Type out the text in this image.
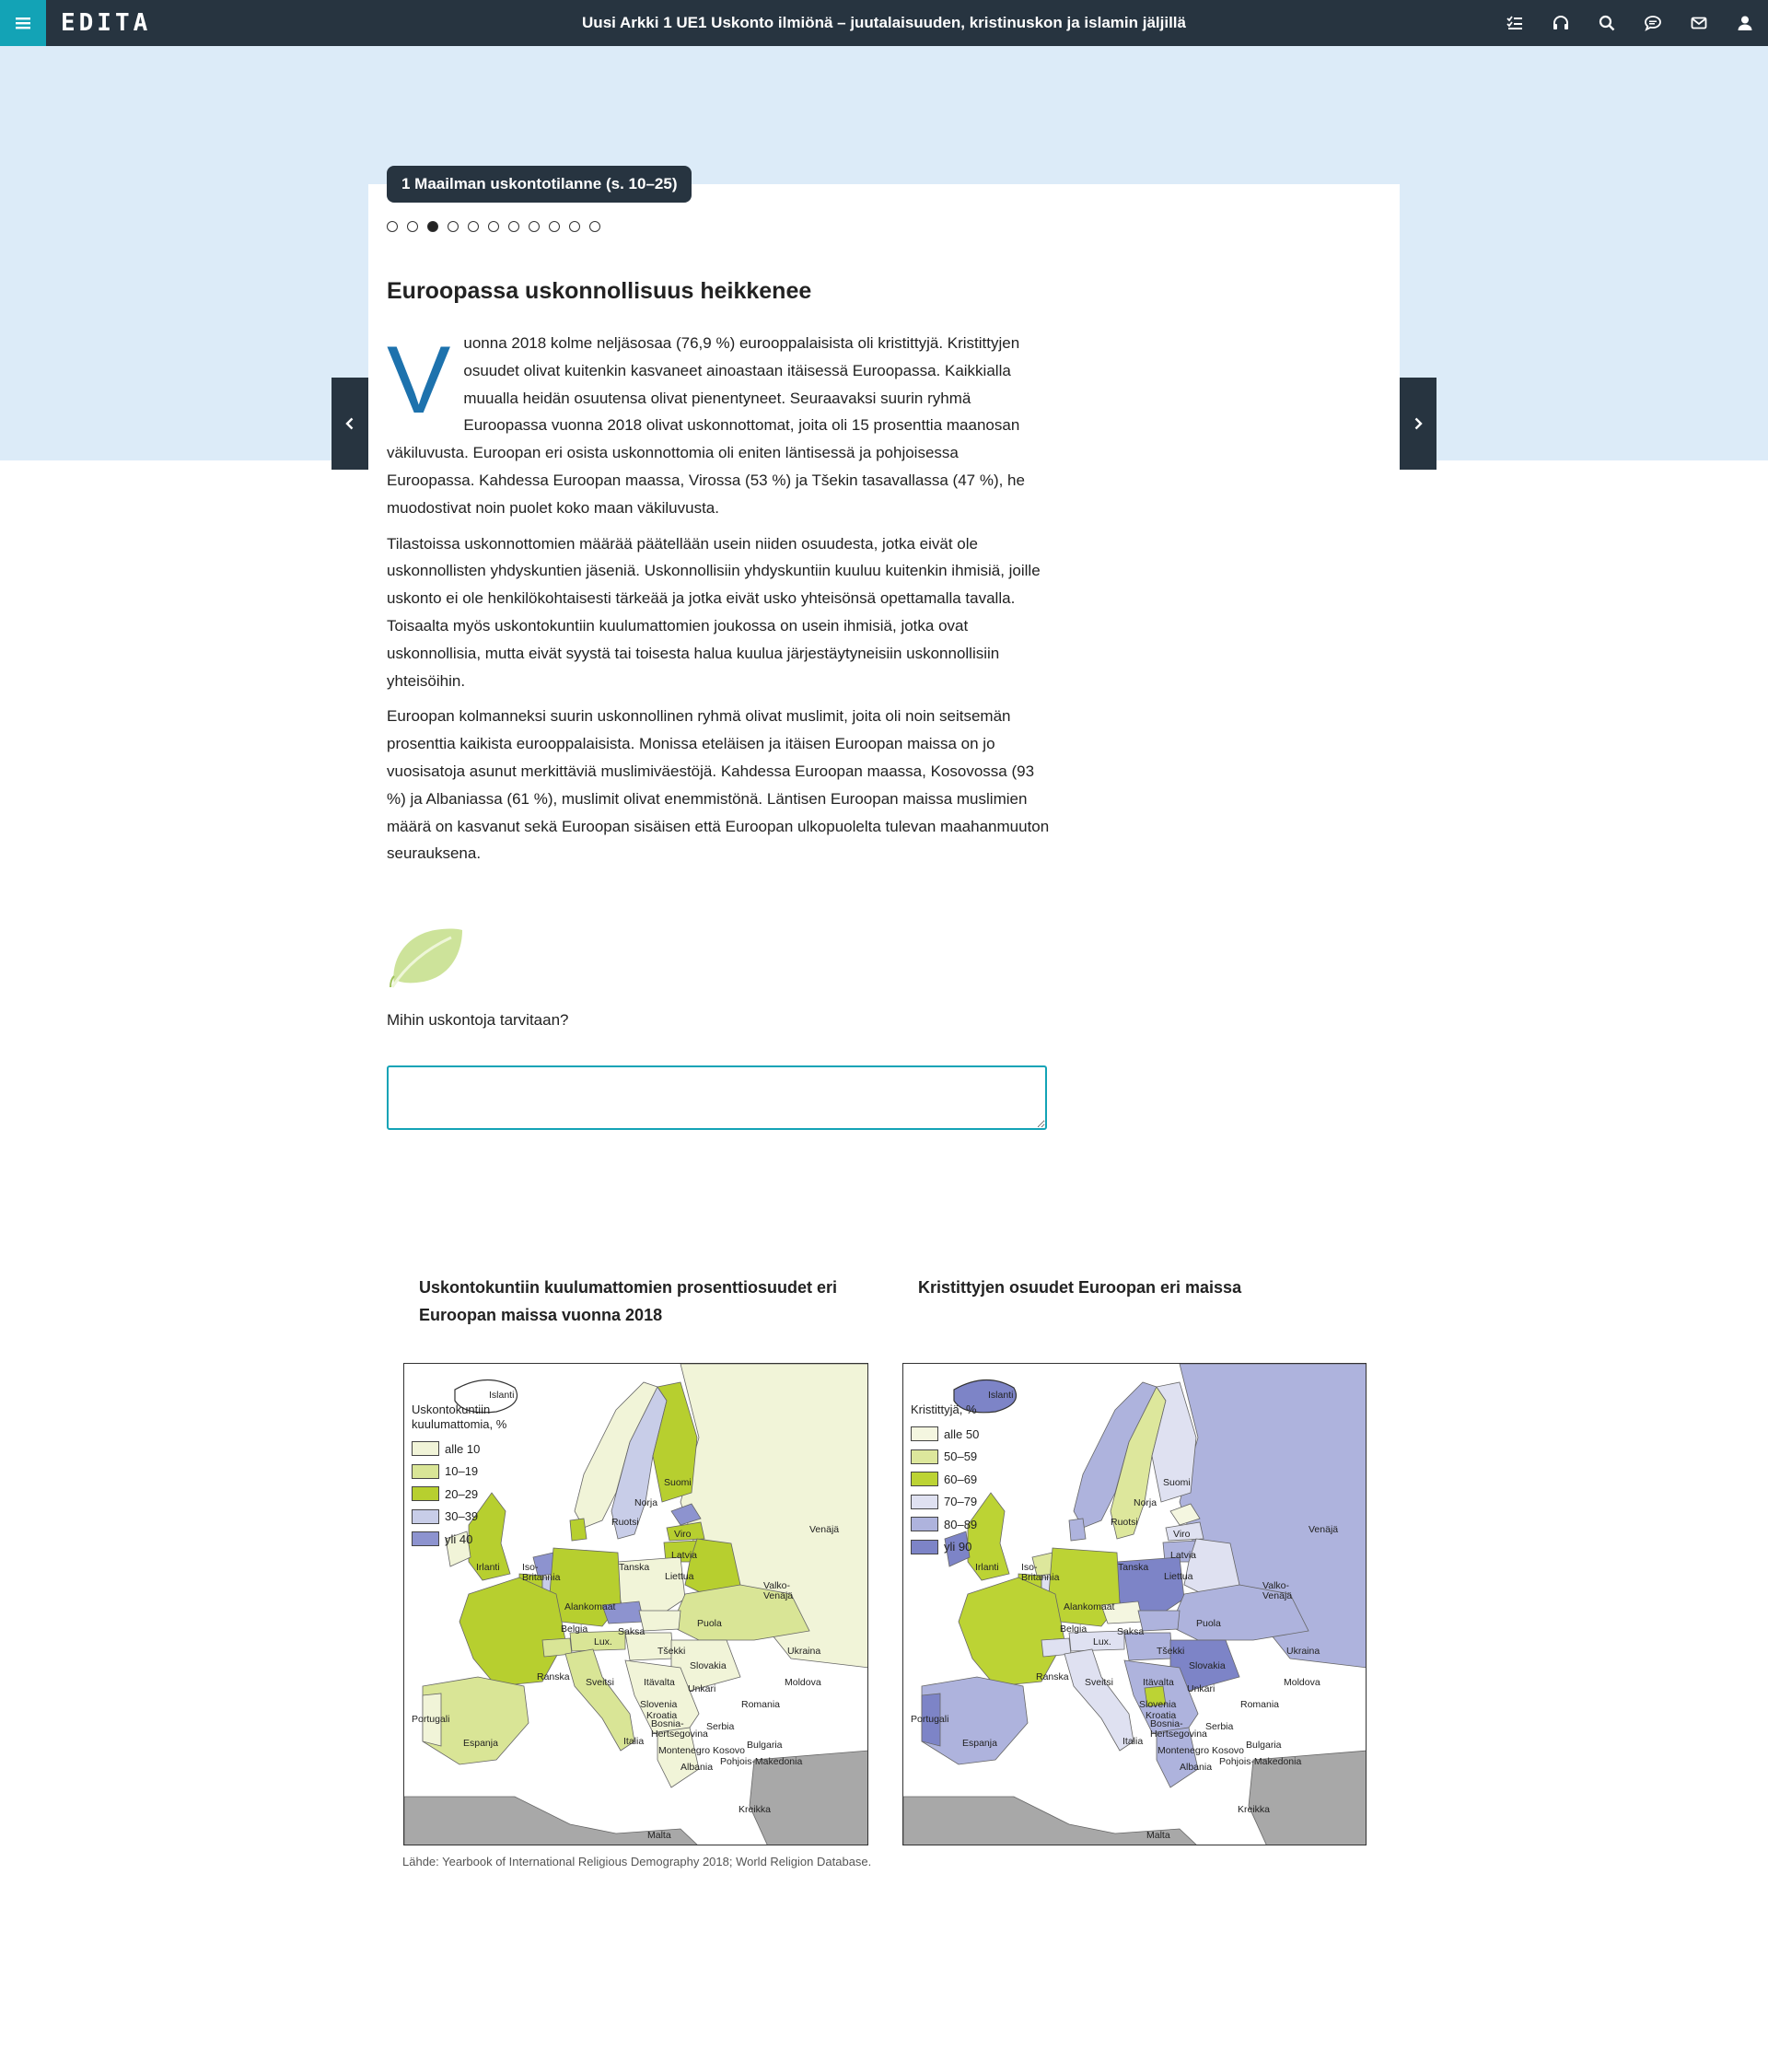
EDITA	Uusi Arkki 1 UE1 Uskonto ilmiönä – juutalaisuuden, kristinuskon ja islamin jäljillä
1 Maailman uskontotilanne (s. 10–25)
Euroopassa uskonnollisuus heikkenee

Vuonna 2018 kolme neljäsosaa (76,9 %) eurooppalaisista oli kristittyjä. Kristittyjen osuudet olivat kuitenkin kasvaneet ainoastaan itäisessä Euroopassa. Kaikkialla muualla heidän osuutensa olivat pienentyneet. Seuraavaksi suurin ryhmä Euroopassa vuonna 2018 olivat uskonnottomat, joita oli 15 prosenttia maanosan väkiluvusta. Euroopan eri osista uskonnottomia oli eniten läntisessä ja pohjoisessa Euroopassa. Kahdessa Euroopan maassa, Virossa (53 %) ja Tšekin tasavallassa (47 %), he muodostivat noin puolet koko maan väkiluvusta.

Tilastoissa uskonnottomien määrää päätellään usein niiden osuudesta, jotka eivät ole uskonnollisten yhdyskuntien jäseniä. Uskonnollisiin yhdyskuntiin kuuluu kuitenkin ihmisiä, joille uskonto ei ole henkilökohtaisesti tärkeää ja jotka eivät usko yhteisönsä opettamalla tavalla. Toisaalta myös uskontokuntiin kuulumattomien joukossa on usein ihmisiä, jotka ovat uskonnollisia, mutta eivät syystä tai toisesta halua kuulua järjestäytyneisiin uskonnollisiin yhteisöihin.

Euroopan kolmanneksi suurin uskonnollinen ryhmä olivat muslimit, joita oli noin seitsemän prosenttia kaikista eurooppalaisista. Monissa eteläisen ja itäisen Euroopan maissa on jo vuosisatoja asunut merkittäviä muslimiväestöjä. Kahdessa Euroopan maassa, Kosovossa (93 %) ja Albaniassa (61 %), muslimit olivat enemmistönä. Läntisen Euroopan maissa muslimien määrä on kasvanut sekä Euroopan sisäisen että Euroopan ulkopuolelta tulevan maahanmuuton seurauksena.

Mihin uskontoja tarvitaan?
Uskontokuntiin kuulumattomien prosenttiosuudet eri Euroopan maissa vuonna 2018
Uskontokuntiin
kuulumattomia, %
alle 10
10–19
20–29
30–39
yli 40
Islanti
Norja
Suomi
Ruotsi
Venäjä
Viro
Latvia
Liettua
Valko-Venäjä
Iso-Britannia
Irlanti	Tanska
Alankomaat
Belgia
Lux.
Saksa
Puola
Ukraina
Tšekki
Slovakia
Ranska Sveitsi	Itävalta
Unkari
Moldova
Romania
Slovenia
Kroatia
Bosnia-Hertsegovina
Serbia
Portugali
Espanja	Italia
Montenegro Kosovo Bulgaria
Pohjois-Makedonia
Albania
Kreikka
Malta
Kristittyjen osuudet Euroopan eri maissa
Kristittyjä, %
alle 50
50–59
60–69
70–79
80–89
yli 90
Islanti
Norja
Suomi
Ruotsi
Venäjä
Viro
Latvia
Liettua
Valko-Venäjä
Iso-Britannia
Irlanti	Tanska
Alankomaat
Belgia
Lux.
Saksa
Puola
Ukraina
Tšekki
Slovakia
Ranska Sveitsi	Itävalta
Unkari
Moldova
Romania
Slovenia
Kroatia
Bosnia-Hertsegovina
Serbia
Portugali
Espanja	Italia
Montenegro Kosovo Bulgaria
Pohjois-Makedonia
Albania
Kreikka
Malta
Lähde: Yearbook of International Religious Demography 2018; World Religion Database.
